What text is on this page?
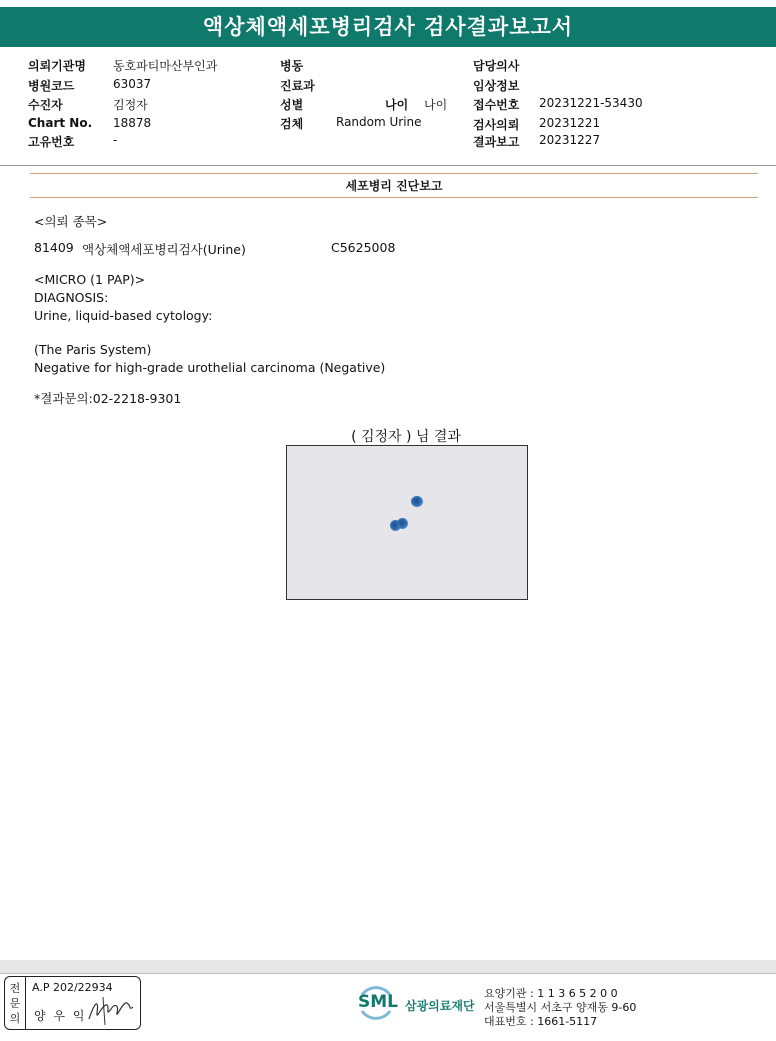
액상체액세포병리검사 검사결과보고서
의뢰기관명 동호파티마산부인과
병원코드	63037
수진자	김정자
Chart No. 18878
고유번호	-
병동
진료과
성별	나이 나이
검체	Random Urine
담당의사
임상정보
접수번호 20231221-53430
검사의뢰 20231221
결과보고 20231227
세포병리 진단보고
<의뢰 종목>
81409 액상체액세포병리검사(Urine)	C5625008
<MICRO (1 PAP)>
DIAGNOSIS:
Urine, liquid-based cytology:
(The Paris System)
Negative for high-grade urothelial carcinoma (Negative)
*결과문의:02-2218-9301
( 김정자 ) 님 결과
전
문
의
A.P 202/22934
양 우 익
SML 삼광의료재단
요양기관 : 1 1 3 6 5 2 0 0
서울특별시 서초구 양재동 9-60
대표번호 : 1661-5117
